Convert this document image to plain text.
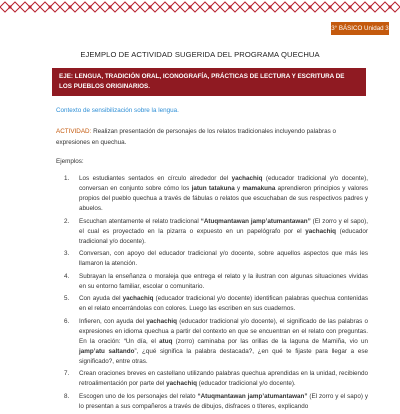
3° BÁSICO Unidad 3
EJEMPLO DE ACTIVIDAD SUGERIDA DEL PROGRAMA QUECHUA
EJE: LENGUA, TRADICIÓN ORAL, ICONOGRAFÍA, PRÁCTICAS DE LECTURA Y ESCRITURA DE LOS PUEBLOS ORIGINARIOS.
Contexto de sensibilización sobre la lengua.
ACTIVIDAD: Realizan presentación de personajes de los relatos tradicionales incluyendo palabras o expresiones en quechua.
Ejemplos:
1. Los estudiantes sentados en círculo alrededor del yachachiq (educador tradicional y/o docente), conversan en conjunto sobre cómo los jatun tatakuna y mamakuna aprendieron principios y valores propios del pueblo quechua a través de fábulas o relatos que escuchaban de sus respectivos padres y abuelos.
2. Escuchan atentamente el relato tradicional “Atuqmantawan jamp’atumantawan” (El zorro y el sapo), el cual es proyectado en la pizarra o expuesto en un papelógrafo por el yachachiq (educador tradicional y/o docente).
3. Conversan, con apoyo del educador tradicional y/o docente, sobre aquellos aspectos que más les llamaron la atención.
4. Subrayan la enseñanza o moraleja que entrega el relato y la ilustran con algunas situaciones vividas en su entorno familiar, escolar o comunitario.
5. Con ayuda del yachachiq (educador tradicional y/o docente) identifican palabras quechua contenidas en el relato encerrándolas con colores. Luego las escriben en sus cuadernos.
6. Infieren, con ayuda del yachachiq (educador tradicional y/o docente), el significado de las palabras o expresiones en idioma quechua a partir del contexto en que se encuentran en el relato con preguntas. En la oración: “Un día, el atuq (zorro) caminaba por las orillas de la laguna de Mamiña, vio un jamp’atu saltando”, ¿qué significa la palabra destacada?, ¿en qué te fijaste para llegar a ese significado?, entre otras.
7. Crean oraciones breves en castellano utilizando palabras quechua aprendidas en la unidad, recibiendo retroalimentación por parte del yachachiq (educador tradicional y/o docente).
8. Escogen uno de los personajes del relato “Atuqmantawan jamp’atumantawan” (El zorro y el sapo) y lo presentan a sus compañeros a través de dibujos, disfraces o títeres, explicando
